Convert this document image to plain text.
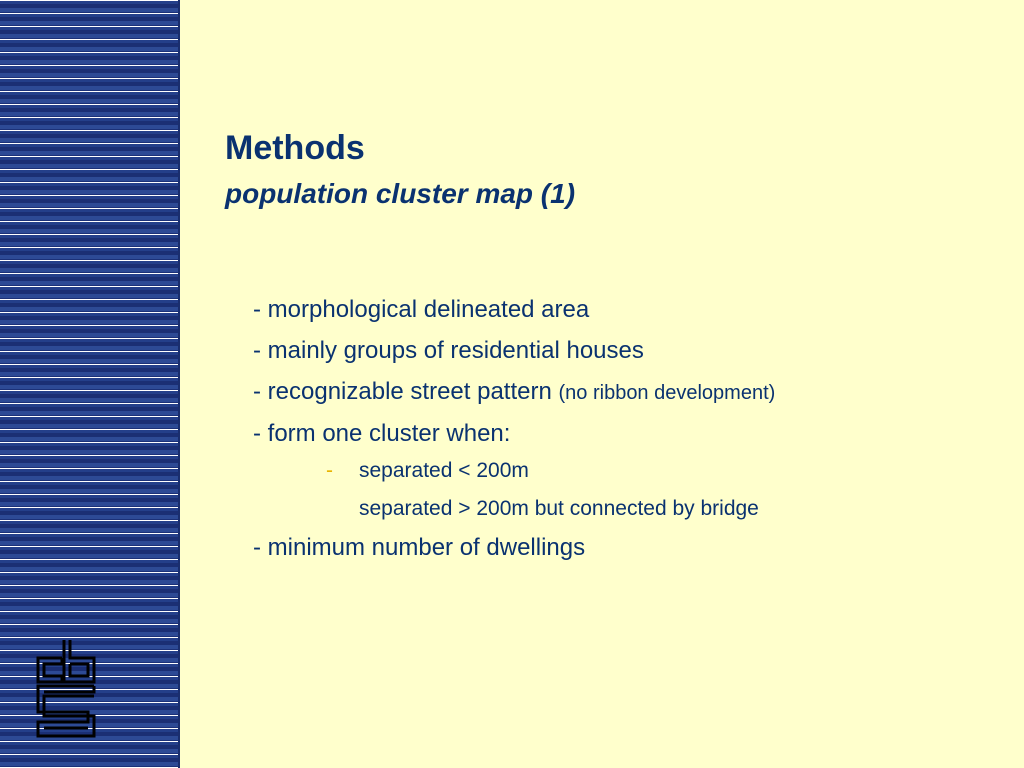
Methods
population cluster map (1)
- morphological delineated area
- mainly groups of residential houses
- recognizable street pattern (no ribbon development)
- form one cluster when:
- separated < 200m
separated > 200m but connected by bridge
- minimum number of dwellings
